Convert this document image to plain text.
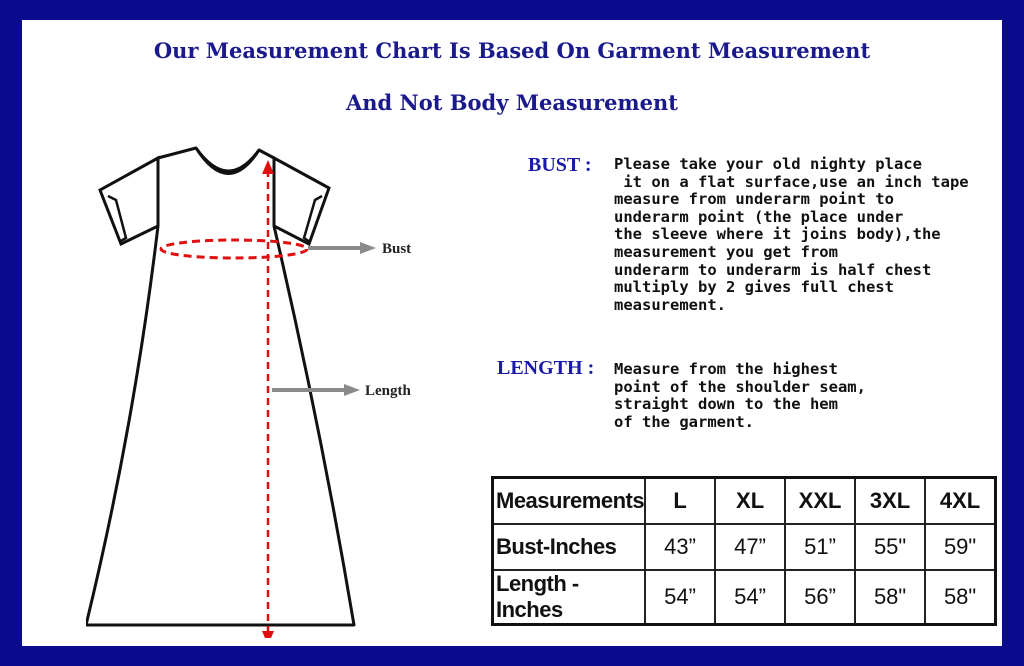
Our Measurement Chart Is Based On Garment Measurement
And Not Body Measurement
Bust
Length
BUST : Please take your old nighty place
it on a flat surface,use an inch tape
measure from underarm point to
underarm point (the place under
the sleeve where it joins body),the
measurement you get from
underarm to underarm is half chest
multiply by 2 gives full chest
measurement.
LENGTH : Measure from the highest
point of the shoulder seam,
straight down to the hem
of the garment.
Measurements	L	XL	XXL	3XL	4XL
Bust-Inches	43”	47”	51”	55"	59"
Length - Inches	54”	54”	56”	58"	58"
